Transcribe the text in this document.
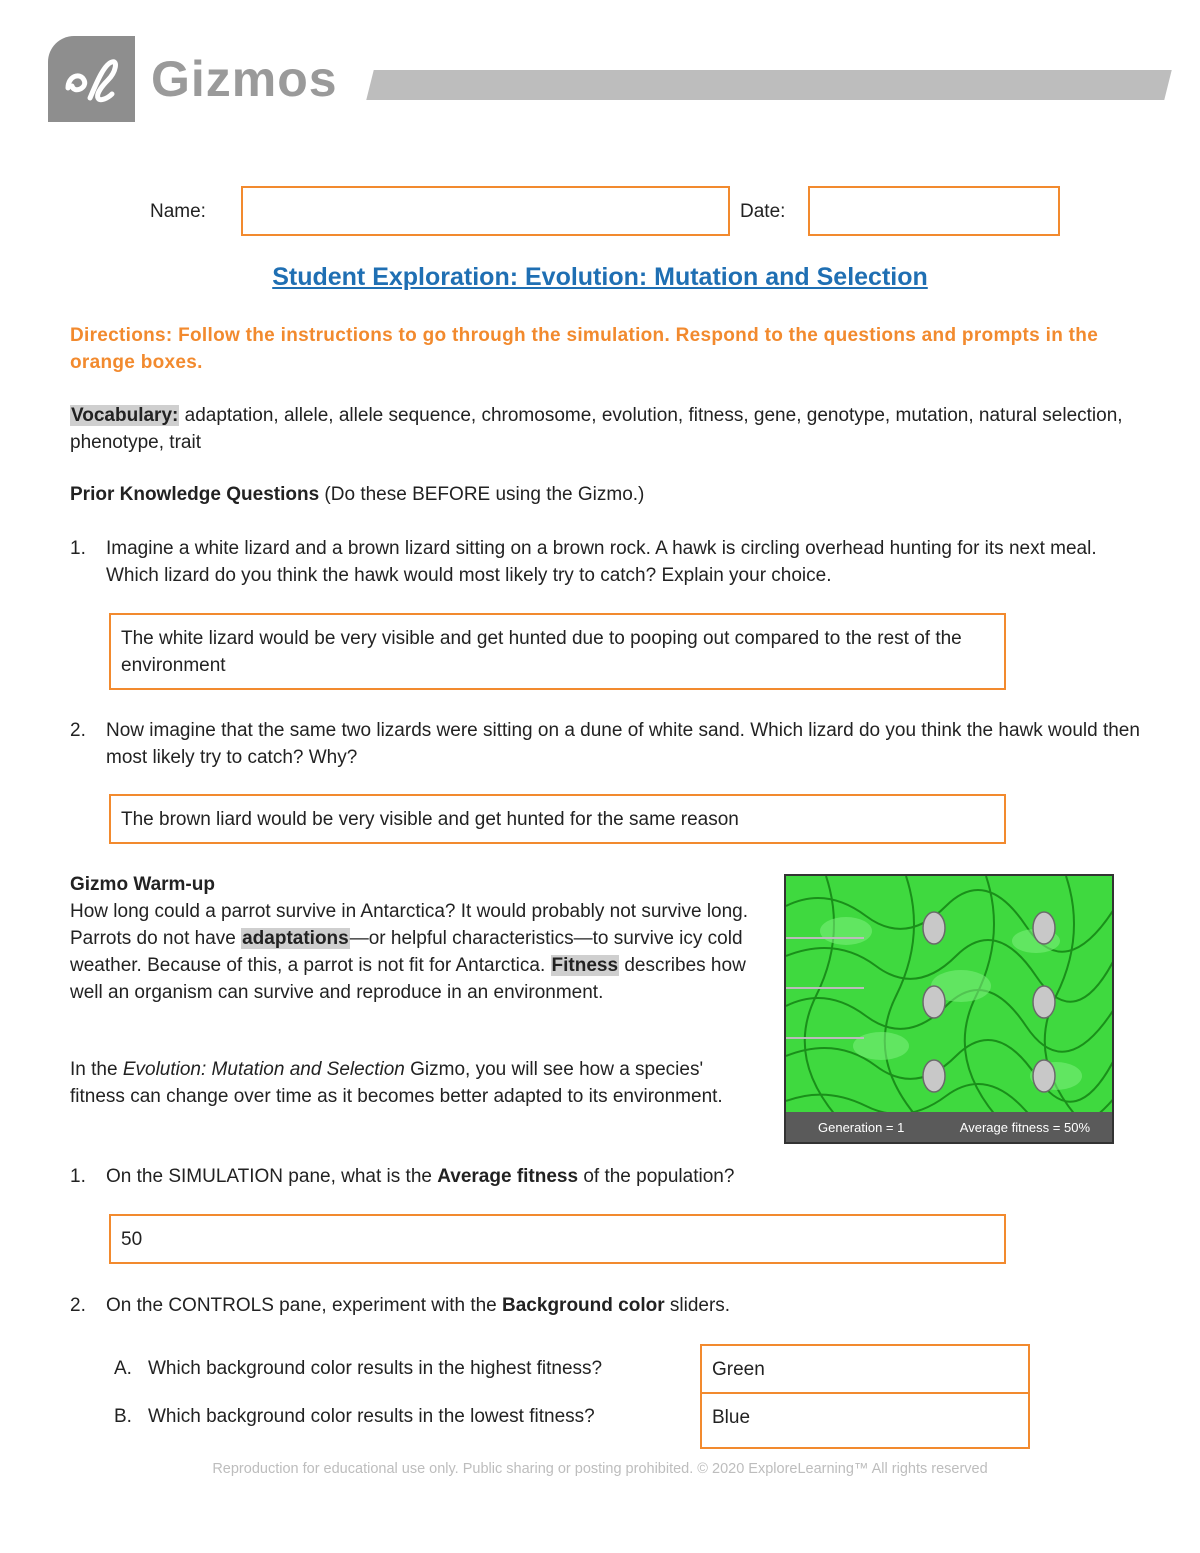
Gizmos
Name:	Date:
Student Exploration: Evolution: Mutation and Selection
Directions: Follow the instructions to go through the simulation. Respond to the questions and prompts in the orange boxes.
Vocabulary: adaptation, allele, allele sequence, chromosome, evolution, fitness, gene, genotype, mutation, natural selection, phenotype, trait
Prior Knowledge Questions (Do these BEFORE using the Gizmo.)
1. Imagine a white lizard and a brown lizard sitting on a brown rock. A hawk is circling overhead hunting for its next meal. Which lizard do you think the hawk would most likely try to catch? Explain your choice.
The white lizard would be very visible and get hunted due to pooping out compared to the rest of the environment
2. Now imagine that the same two lizards were sitting on a dune of white sand. Which lizard do you think the hawk would then most likely try to catch? Why?
The brown liard would be very visible and get hunted for the same reason
Gizmo Warm-up
How long could a parrot survive in Antarctica? It would probably not survive long. Parrots do not have adaptations—or helpful characteristics—to survive icy cold weather. Because of this, a parrot is not fit for Antarctica. Fitness describes how well an organism can survive and reproduce in an environment.
In the Evolution: Mutation and Selection Gizmo, you will see how a species' fitness can change over time as it becomes better adapted to its environment.
Generation = 1	Average fitness = 50%
1. On the SIMULATION pane, what is the Average fitness of the population?
50
2. On the CONTROLS pane, experiment with the Background color sliders.
A. Which background color results in the highest fitness?	Green
B. Which background color results in the lowest fitness?	Blue
Reproduction for educational use only. Public sharing or posting prohibited. © 2020 ExploreLearning™ All rights reserved
